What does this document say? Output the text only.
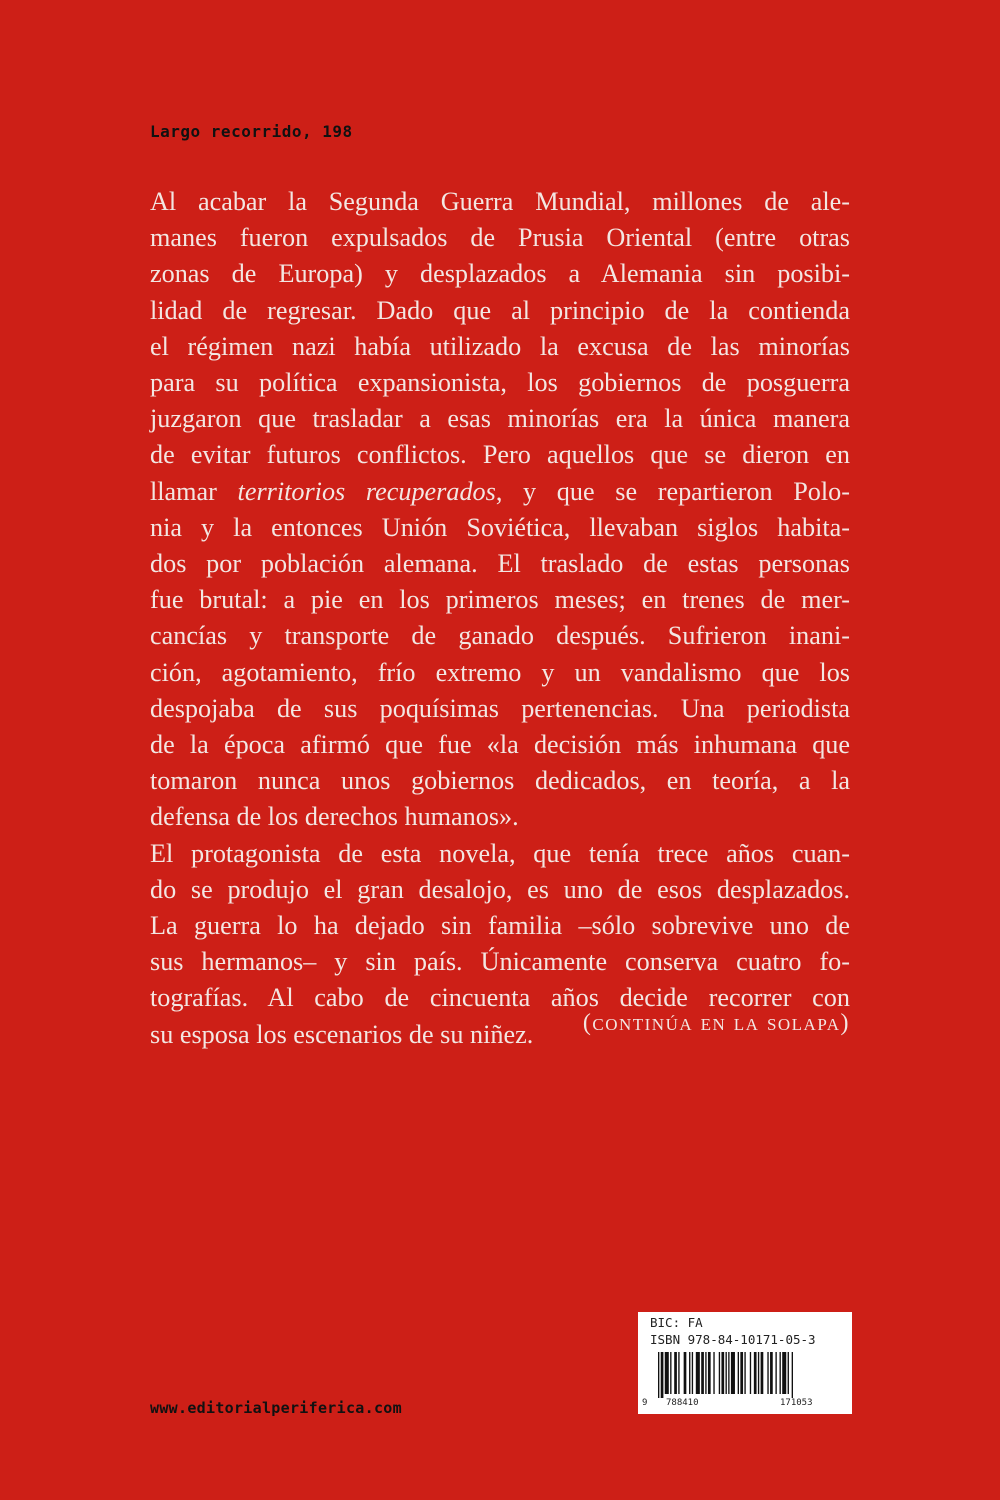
Largo recorrido, 198
Al acabar la Segunda Guerra Mundial, millones de ale-
manes fueron expulsados de Prusia Oriental (entre otras
zonas de Europa) y desplazados a Alemania sin posibi-
lidad de regresar. Dado que al principio de la contienda
el régimen nazi había utilizado la excusa de las minorías
para su política expansionista, los gobiernos de posguerra
juzgaron que trasladar a esas minorías era la única manera
de evitar futuros conflictos. Pero aquellos que se dieron en
llamar territorios recuperados, y que se repartieron Polo-
nia y la entonces Unión Soviética, llevaban siglos habita-
dos por población alemana. El traslado de estas personas
fue brutal: a pie en los primeros meses; en trenes de mer-
cancías y transporte de ganado después. Sufrieron inani-
ción, agotamiento, frío extremo y un vandalismo que los
despojaba de sus poquísimas pertenencias. Una periodista
de la época afirmó que fue «la decisión más inhumana que
tomaron nunca unos gobiernos dedicados, en teoría, a la
defensa de los derechos humanos».
El protagonista de esta novela, que tenía trece años cuan-
do se produjo el gran desalojo, es uno de esos desplazados.
La guerra lo ha dejado sin familia –sólo sobrevive uno de
sus hermanos– y sin país. Únicamente conserva cuatro fo-
tografías. Al cabo de cincuenta años decide recorrer con
su esposa los escenarios de su niñez.	(continúa en la solapa)
www.editorialperiferica.com
BIC: FA
ISBN 978-84-10171-05-3
9 788410	171053
